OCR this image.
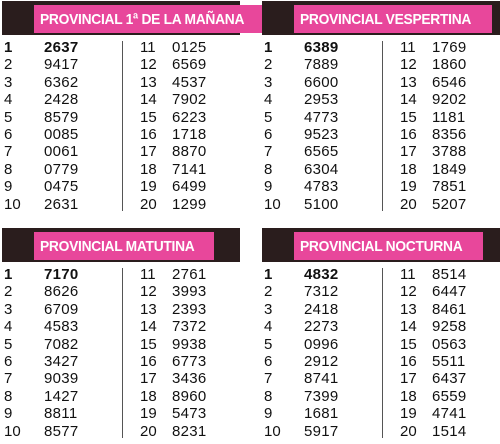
PROVINCIAL 1ª DE LA MAÑANA
1	2637
2	9417
3	6362
4	2428
5	8579
6	0085
7	0061
8	0779
9	0475
10	2631
11	0125
12	6569
13	4537
14	7902
15	6223
16	1718
17	8870
18	7141
19	6499
20	1299
PROVINCIAL VESPERTINA
1	6389
2	7889
3	6600
4	2953
5	4773
6	9523
7	6565
8	6304
9	4783
10	5100
11	1769
12	1860
13	6546
14	9202
15	1181
16	8356
17	3788
18	1849
19	7851
20	5207
PROVINCIAL MATUTINA
1	7170
2	8626
3	6709
4	4583
5	7082
6	3427
7	9039
8	1427
9	8811
10	8577
11	2761
12	3993
13	2393
14	7372
15	9938
16	6773
17	3436
18	8960
19	5473
20	8231
PROVINCIAL NOCTURNA
1	4832
2	7312
3	2418
4	2273
5	0996
6	2912
7	8741
8	7399
9	1681
10	5917
11	8514
12	6447
13	8461
14	9258
15	0563
16	5511
17	6437
18	6559
19	4741
20	1514
